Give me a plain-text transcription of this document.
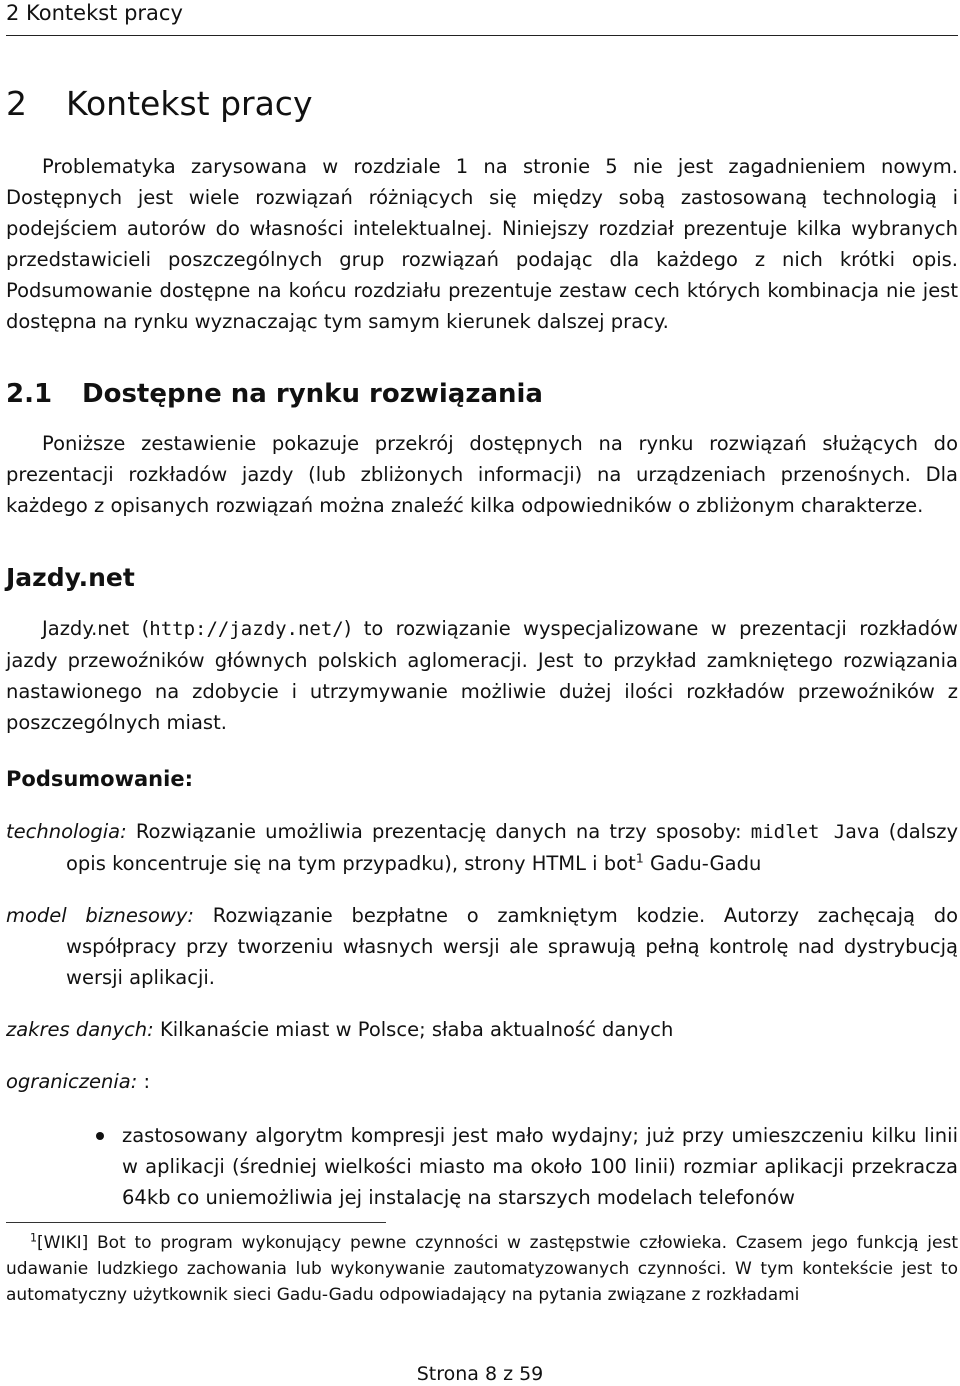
2 Kontekst pracy
2 Kontekst pracy

Problematyka zarysowana w rozdziale 1 na stronie 5 nie jest zagadnieniem nowym. Dostępnych jest wiele rozwiązań różniących się między sobą zastosowaną technologią i podejściem autorów do własności intelektualnej. Niniejszy rozdział prezentuje kilka wybranych przedstawicieli poszczególnych grup rozwiązań podając dla każdego z nich krótki opis. Podsumowanie dostępne na końcu rozdziału prezentuje zestaw cech których kombinacja nie jest dostępna na rynku wyznaczając tym samym kierunek dalszej pracy.

2.1 Dostępne na rynku rozwiązania

Poniższe zestawienie pokazuje przekrój dostępnych na rynku rozwiązań służących do prezentacji rozkładów jazdy (lub zbliżonych informacji) na urządzeniach przenośnych. Dla każdego z opisanych rozwiązań można znaleźć kilka odpowiedników o zbliżonym charakterze.

Jazdy.net

Jazdy.net (http://jazdy.net/) to rozwiązanie wyspecjalizowane w prezentacji rozkładów jazdy przewoźników głównych polskich aglomeracji. Jest to przykład zamkniętego rozwiązania nastawionego na zdobycie i utrzymywanie możliwie dużej ilości rozkładów przewoźników z poszczególnych miast.

Podsumowanie:

technologia: Rozwiązanie umożliwia prezentację danych na trzy sposoby: midlet Java (dalszy opis koncentruje się na tym przypadku), strony HTML i bot$^1$ Gadu-Gadu

model biznesowy: Rozwiązanie bezpłatne o zamkniętym kodzie. Autorzy zachęcają do współpracy przy tworzeniu własnych wersji ale sprawują pełną kontrolę nad dystrybucją wersji aplikacji.

zakres danych: Kilkanaście miast w Polsce; słaba aktualność danych

ograniczenia: :

zastosowany algorytm kompresji jest mało wydajny; już przy umieszczeniu kilku linii w aplikacji (średniej wielkości miasto ma około 100 linii) rozmiar aplikacji przekracza 64kb co uniemożliwia jej instalację na starszych modelach telefonów

$^1$[WIKI] Bot to program wykonujący pewne czynności w zastępstwie człowieka. Czasem jego funkcją jest udawanie ludzkiego zachowania lub wykonywanie zautomatyzowanych czynności. W tym kontekście jest to automatyczny użytkownik sieci Gadu-Gadu odpowiadający na pytania związane z rozkładami

Strona 8 z 59
